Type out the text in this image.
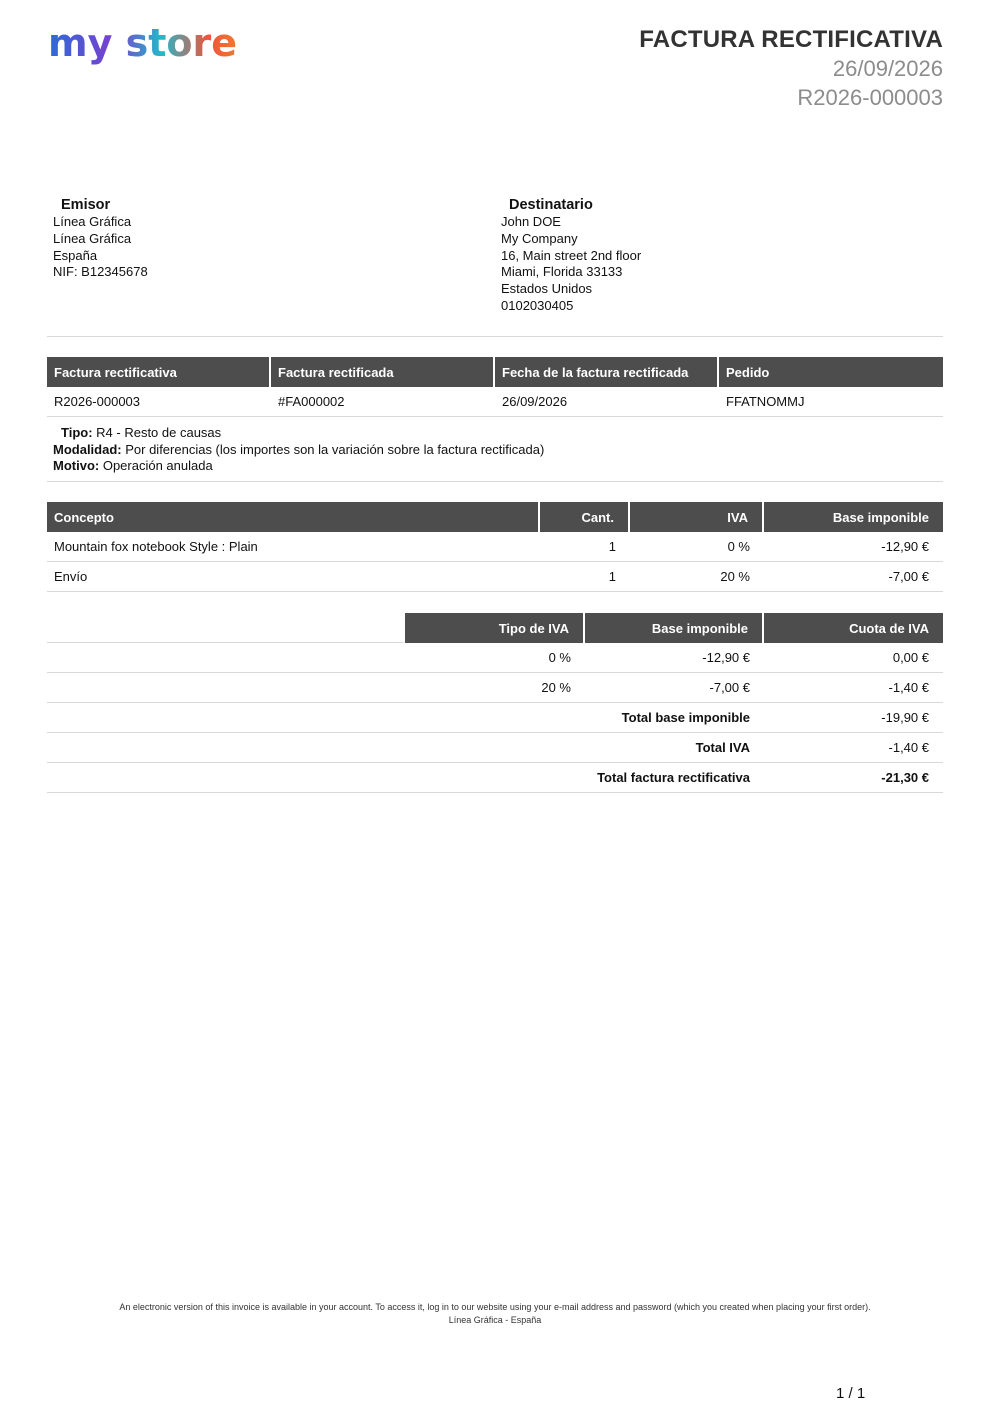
my store	FACTURA RECTIFICATIVA
26/09/2026
R2026-000003
Emisor
Línea Gráfica
Línea Gráfica
España
NIF: B12345678
Destinatario
John DOE
My Company
16, Main street 2nd floor
Miami, Florida 33133
Estados Unidos
0102030405
Factura rectificativa	Factura rectificada	Fecha de la factura rectificada	Pedido
R2026-000003	#FA000002	26/09/2026	FFATNOMMJ
Tipo: R4 - Resto de causas
Modalidad: Por diferencias (los importes son la variación sobre la factura rectificada)
Motivo: Operación anulada
Concepto	Cant.	IVA	Base imponible
Mountain fox notebook Style : Plain	1	0 %	-12,90 €
Envío	1	20 %	-7,00 €
	Tipo de IVA	Base imponible	Cuota de IVA
	0 %	-12,90 €	0,00 €
	20 %	-7,00 €	-1,40 €
Total base imponible			-19,90 €
Total IVA			-1,40 €
Total factura rectificativa			-21,30 €
An electronic version of this invoice is available in your account. To access it, log in to our website using your e-mail address and password (which you created when placing your first order).
Línea Gráfica - España
1 / 1
